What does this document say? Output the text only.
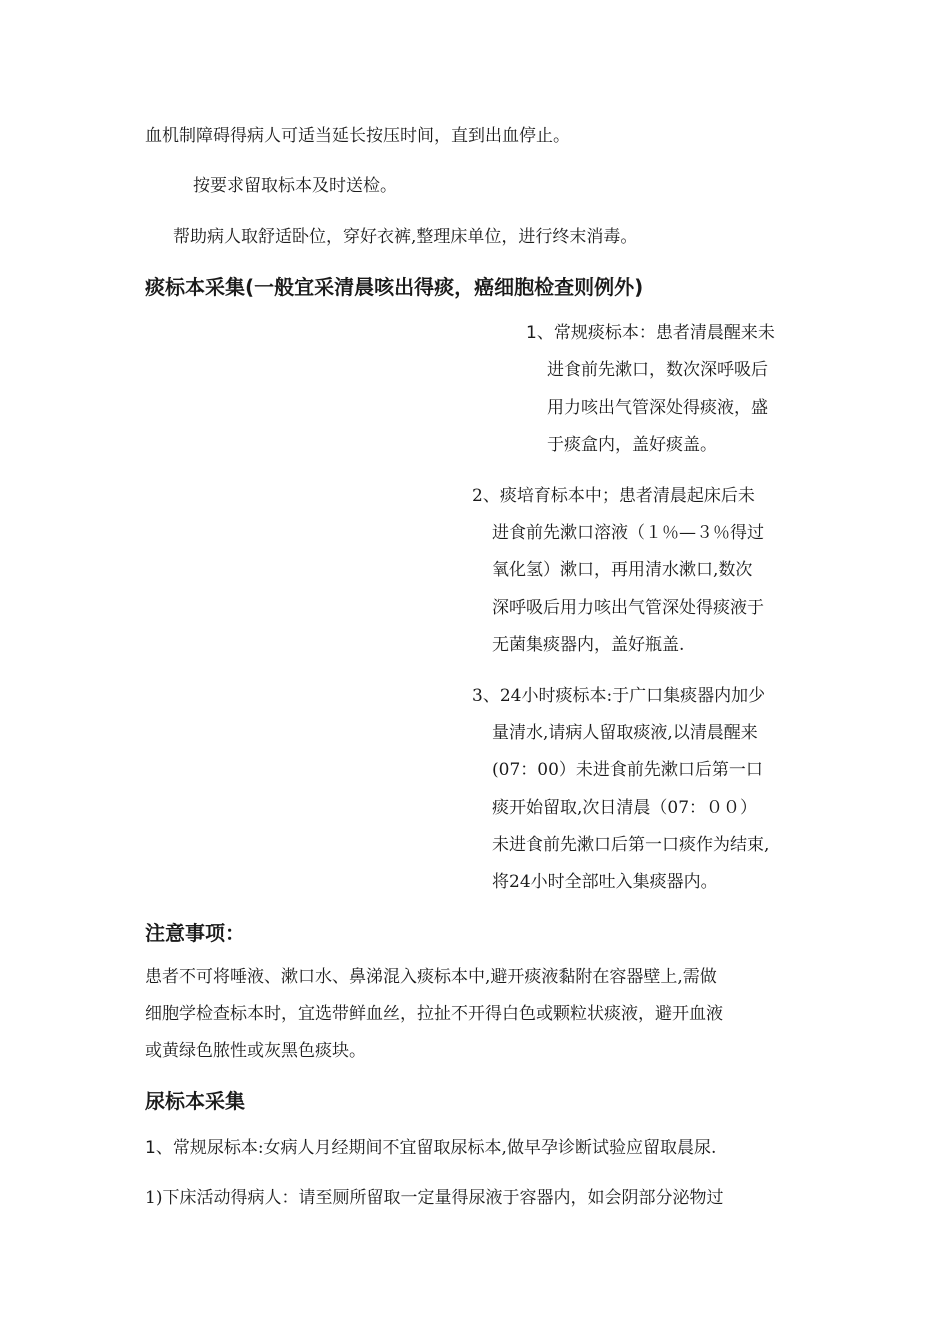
血机制障碍得病人可适当延长按压时间，直到出血停止。
按要求留取标本及时送检。
帮助病人取舒适卧位，穿好衣裤,整理床单位，进行终末消毒。
痰标本采集(一般宜采清晨咳出得痰，癌细胞检查则例外)
1、常规痰标本：患者清晨醒来未
进食前先漱口，数次深呼吸后
用力咳出气管深处得痰液，盛
于痰盒内，盖好痰盖。
2、痰培育标本中；患者清晨起床后未
进食前先漱口溶液（１％—３％得过
氧化氢）漱口，再用清水漱口,数次
深呼吸后用力咳出气管深处得痰液于
无菌集痰器内，盖好瓶盖.
3、24小时痰标本:于广口集痰器内加少
量清水,请病人留取痰液,以清晨醒来
(07：00）未进食前先漱口后第一口
痰开始留取,次日清晨（07：００）
未进食前先漱口后第一口痰作为结束,
将24小时全部吐入集痰器内。
注意事项：
患者不可将唾液、漱口水、鼻涕混入痰标本中,避开痰液黏附在容器壁上,需做
细胞学检查标本时，宜选带鲜血丝，拉扯不开得白色或颗粒状痰液，避开血液
或黄绿色脓性或灰黑色痰块。
尿标本采集
1、常规尿标本:女病人月经期间不宜留取尿标本,做早孕诊断试验应留取晨尿.
1)下床活动得病人：请至厕所留取一定量得尿液于容器内，如会阴部分泌物过
